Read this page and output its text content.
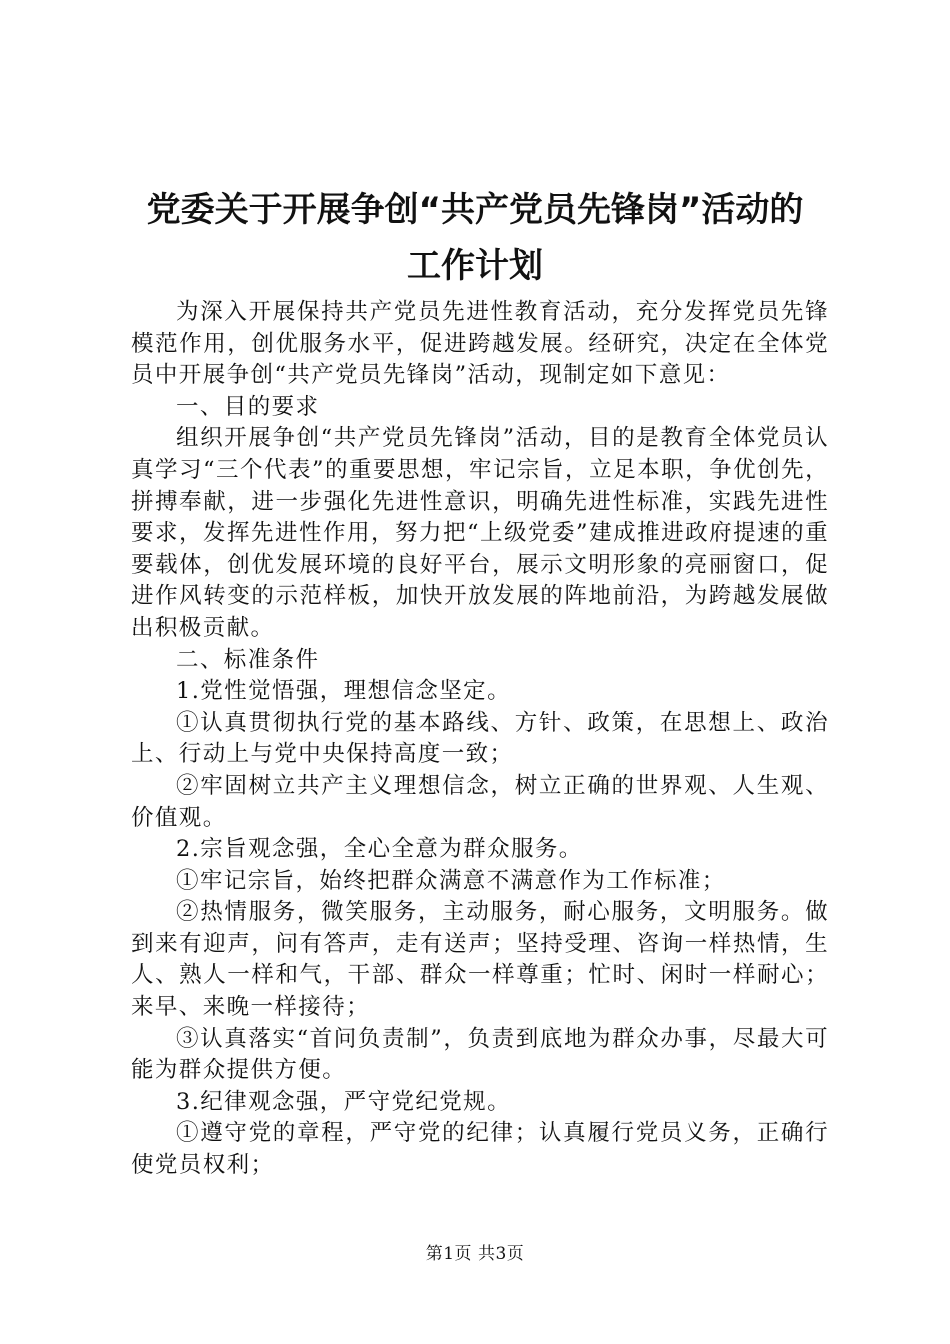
党委关于开展争创“共产党员先锋岗”活动的
工作计划

为深入开展保持共产党员先进性教育活动，充分发挥党员先锋模范作用，创优服务水平，促进跨越发展。经研究，决定在全体党员中开展争创“共产党员先锋岗”活动，现制定如下意见：

一、目的要求

组织开展争创“共产党员先锋岗”活动，目的是教育全体党员认真学习“三个代表”的重要思想，牢记宗旨，立足本职，争优创先，拼搏奉献，进一步强化先进性意识，明确先进性标准，实践先进性要求，发挥先进性作用，努力把“上级党委”建成推进政府提速的重要载体，创优发展环境的良好平台，展示文明形象的亮丽窗口，促进作风转变的示范样板，加快开放发展的阵地前沿，为跨越发展做出积极贡献。

二、标准条件

1.党性觉悟强，理想信念坚定。

①认真贯彻执行党的基本路线、方针、政策，在思想上、政治上、行动上与党中央保持高度一致；

②牢固树立共产主义理想信念，树立正确的世界观、人生观、价值观。

2.宗旨观念强，全心全意为群众服务。

①牢记宗旨，始终把群众满意不满意作为工作标准；

②热情服务，微笑服务，主动服务，耐心服务，文明服务。做到来有迎声，问有答声，走有送声；坚持受理、咨询一样热情，生人、熟人一样和气，干部、群众一样尊重；忙时、闲时一样耐心；来早、来晚一样接待；

③认真落实“首问负责制”，负责到底地为群众办事，尽最大可能为群众提供方便。

3.纪律观念强，严守党纪党规。

①遵守党的章程，严守党的纪律；认真履行党员义务，正确行使党员权利；

第1页 共3页
